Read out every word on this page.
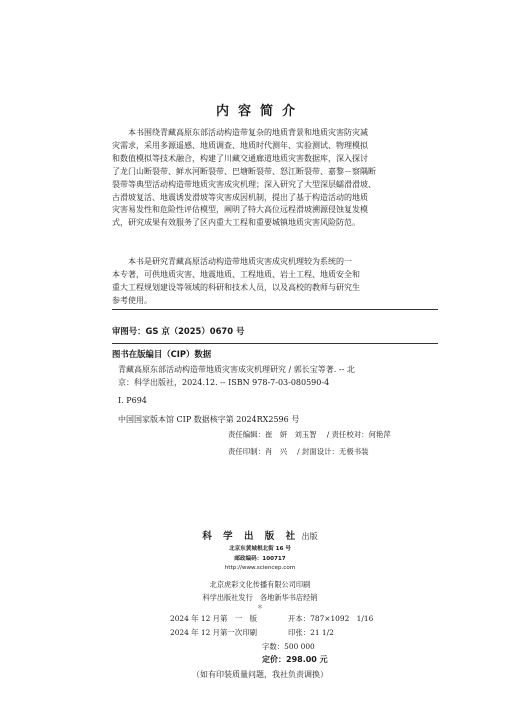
内容简介
　　本书围绕青藏高原东部活动构造带复杂的地质背景和地质灾害防灾减
灾需求，采用多源遥感、地质调查、地质时代测年、实验测试、物理模拟
和数值模拟等技术融合，构建了川藏交通廊道地质灾害数据库，深入探讨
了龙门山断裂带、鲜水河断裂带、巴塘断裂带、怒江断裂带、嘉黎－察隅断
裂带等典型活动构造带地质灾害成灾机理；深入研究了大型深层蠕滑滑坡、
古滑坡复活、地震诱发滑坡等灾害成因机制，提出了基于构造活动的地质
灾害易发性和危险性评估模型，阐明了特大高位远程滑坡溯源侵蚀复发模
式，研究成果有效服务了区内重大工程和重要城镇地质灾害风险防范。
　　本书是研究青藏高原活动构造带地质灾害成灾机理较为系统的一
本专著，可供地质灾害、地震地质、工程地质、岩土工程、地质安全和
重大工程规划建设等领域的科研和技术人员，以及高校的教师与研究生
参考使用。
审图号：GS 京（2025）0670 号
图书在版编目（CIP）数据
青藏高原东部活动构造带地质灾害成灾机理研究 / 郭长宝等著. -- 北
京：科学出版社，2024.12. -- ISBN 978-7-03-080590-4
Ⅰ. P694
中国国家版本馆 CIP 数据核字第 2024RX2596 号
责任编辑：崔　妍　刘玉智 / 责任校对：何艳萍
责任印制：肖　兴 / 封面设计：无极书装
科 学 出 版 社 出版
北京东黄城根北街 16 号
邮政编码：100717
http://www.sciencep.com
北京虎彩文化传播有限公司印刷
科学出版社发行　各地新华书店经销
＊
2024 年 12 月第　一　版	开本：787×1092　1/16
2024 年 12 月第一次印刷	印张：21 1/2
字数：500 000
定价：298.00 元
（如有印装质量问题，我社负责调换）
